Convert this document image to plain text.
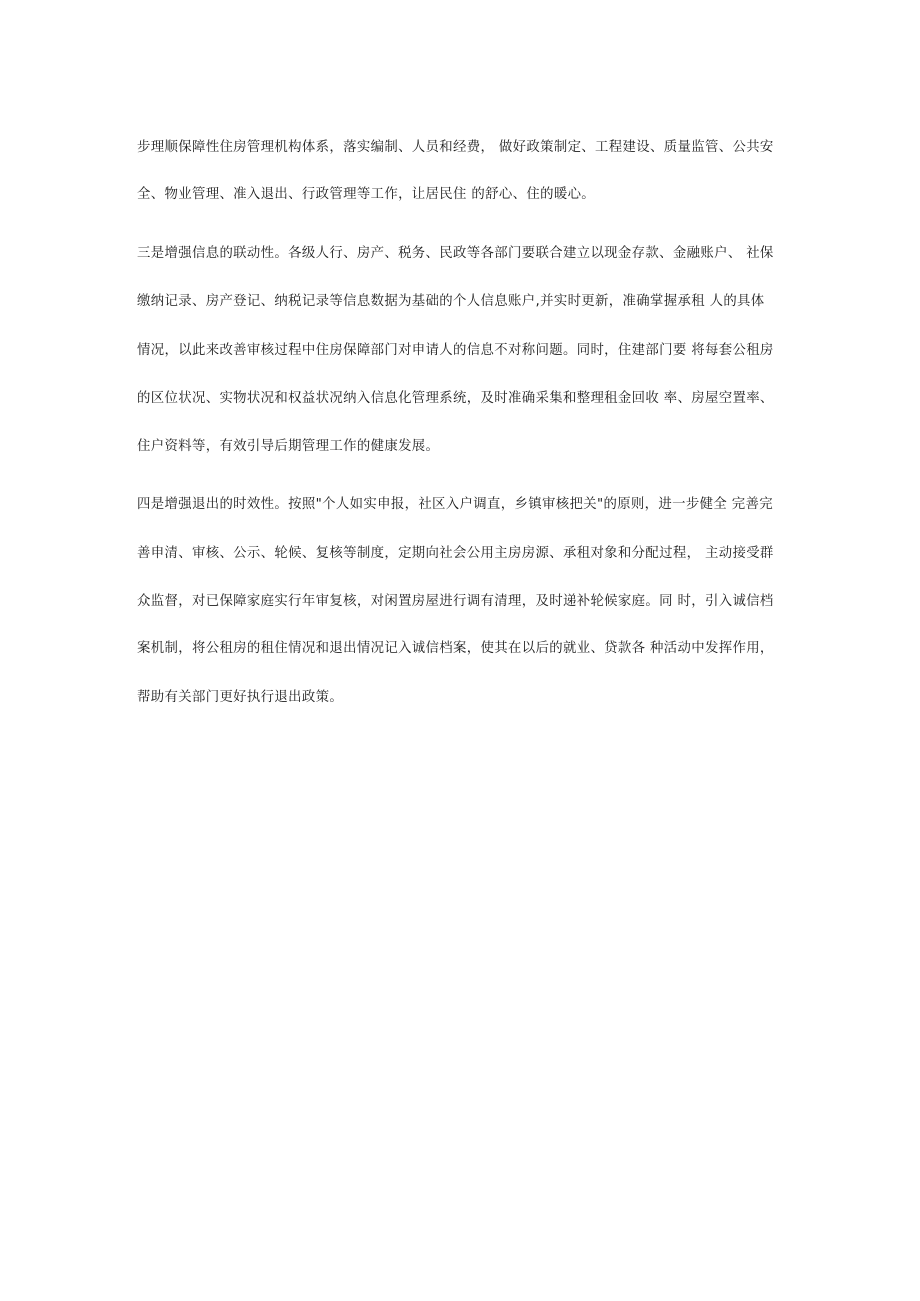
步理顺保障性住房管理机构体系，落实编制、人员和经费， 做好政策制定、工程建设、质量监管、公共安

全、物业管理、准入退出、行政管理等工作，让居民住 的舒心、住的暖心。

三是增强信息的联动性。各级人行、房产、税务、民政等各部门要联合建立以现金存款、金融账户、 社保

缴纳记录、房产登记、纳税记录等信息数据为基础的个人信息账户,并实时更新，准确掌握承租 人的具体

情况，以此来改善审核过程中住房保障部门对申请人的信息不对称问题。同时，住建部门要 将每套公租房

的区位状况、实物状况和权益状况纳入信息化管理系统，及时准确采集和整理租金回收 率、房屋空置率、

住户资料等，有效引导后期管理工作的健康发展。

四是增强退出的时效性。按照"个人如实申报，社区入户调直，乡镇审核把关"的原则，进一步健全 完善完

善申清、审核、公示、轮候、复核等制度，定期向社会公用主房房源、承租对象和分配过程， 主动接受群

众监督，对已保障家庭实行年审复核，对闲置房屋进行调有清理，及时递补轮候家庭。同 时，引入诚信档

案机制，将公租房的租住情况和退出情况记入诚信档案，使其在以后的就业、贷款各 种活动中发挥作用，

帮助有关部门更好执行退出政策。
